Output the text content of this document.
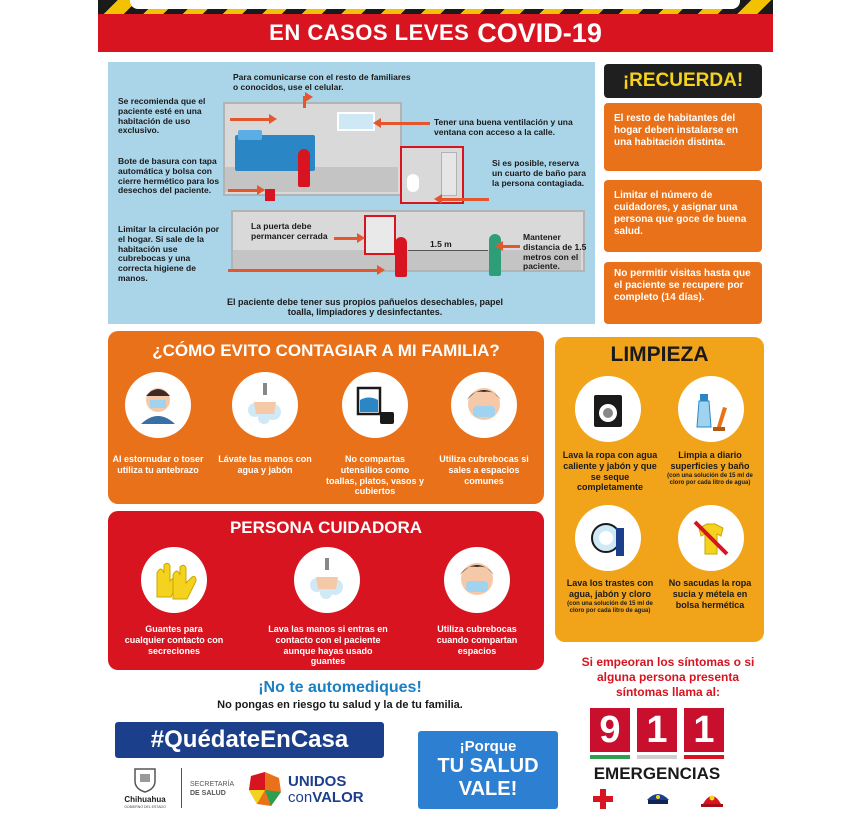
EN CASOS LEVES COVID-19
Para comunicarse con el resto de familiares o conocidos, use el celular.
Se recomienda que el paciente esté en una habitación de uso exclusivo.
Tener una buena ventilación y una ventana con acceso a la calle.
Bote de basura con tapa automática y bolsa con cierre hermético para los desechos del paciente.
Si es posible, reserva un cuarto de baño para la persona contagiada.
La puerta debe permancer cerrada
Limitar la circulación por el hogar. Si sale de la habitación use cubrebocas y una correcta higiene de manos.
1.5 m
Mantener distancia de 1.5 metros con el paciente.
El paciente debe tener sus propios pañuelos desechables, papel toalla, limpiadores y desinfectantes.
¡RECUERDA!
El resto de habitantes del hogar deben instalarse en una habitación distinta.
Limitar el número de cuidadores, y asignar una persona que goce de buena salud.
No permitir visitas hasta que el paciente se recupere por completo (14 días).
¿CÓMO EVITO CONTAGIAR A MI FAMILIA?
Al estornudar o toser utiliza tu antebrazo
Lávate las manos con agua y jabón
No compartas utensilios como toallas, platos, vasos y cubiertos
Utiliza cubrebocas si sales a espacios comunes
PERSONA CUIDADORA
Guantes para cualquier contacto con secreciones
Lava las manos si entras en contacto con el paciente aunque hayas usado guantes
Utiliza cubrebocas cuando compartan espacios
LIMPIEZA
Lava la ropa con agua caliente y jabón y que se seque completamente
Limpia a diario superficies y baño
(con una solución de 15 ml de cloro por cada litro de agua)
Lava los trastes con agua, jabón y cloro
(con una solución de 15 ml de cloro por cada litro de agua)
No sacudas la ropa sucia y métela en bolsa hermética
¡No te automediques!
No pongas en riesgo tu salud y la de tu familia.
#QuédateEnCasa	¡Porque
TU SALUD
VALE!
Chihuahua
GOBIERNO DEL ESTADO
SECRETARÍA
DE SALUD
UNIDOS
conVALOR
Si empeoran los síntomas o si alguna persona presenta síntomas llama al:
9 1 1
EMERGENCIAS
